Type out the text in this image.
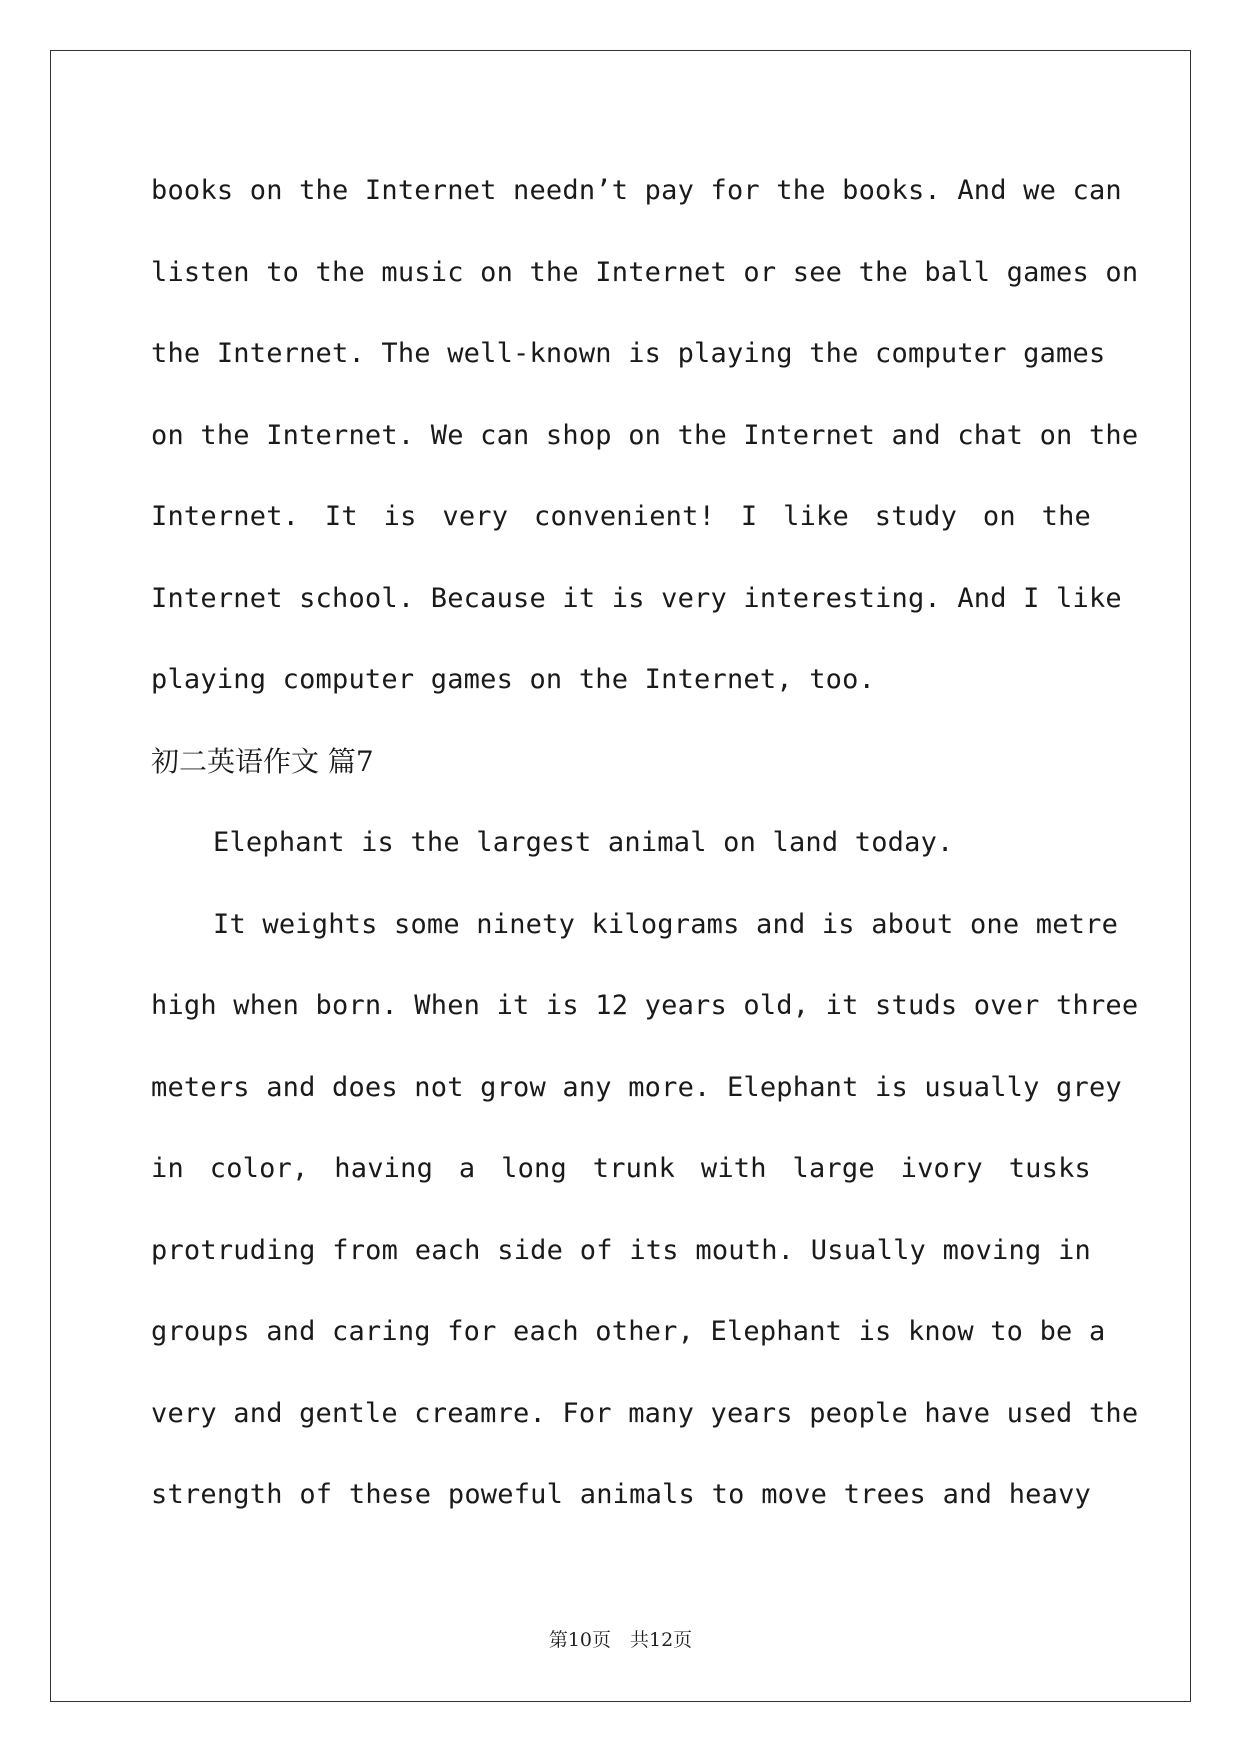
books on the Internet needn’t pay for the books. And we can
listen to the music on the Internet or see the ball games on
the Internet. The well-known is playing the computer games
on the Internet. We can shop on the Internet and chat on the
Internet. It is very convenient! I like study on the
Internet school. Because it is very interesting. And I like
playing computer games on the Internet, too.
初二英语作文 篇7
Elephant is the largest animal on land today.
It weights some ninety kilograms and is about one metre
high when born. When it is 12 years old, it studs over three
meters and does not grow any more. Elephant is usually grey
in color, having a long trunk with large ivory tusks
protruding from each side of its mouth. Usually moving in
groups and caring for each other, Elephant is know to be a
very and gentle creamre. For many years people have used the
strength of these poweful animals to move trees and heavy
第10页　共12页
